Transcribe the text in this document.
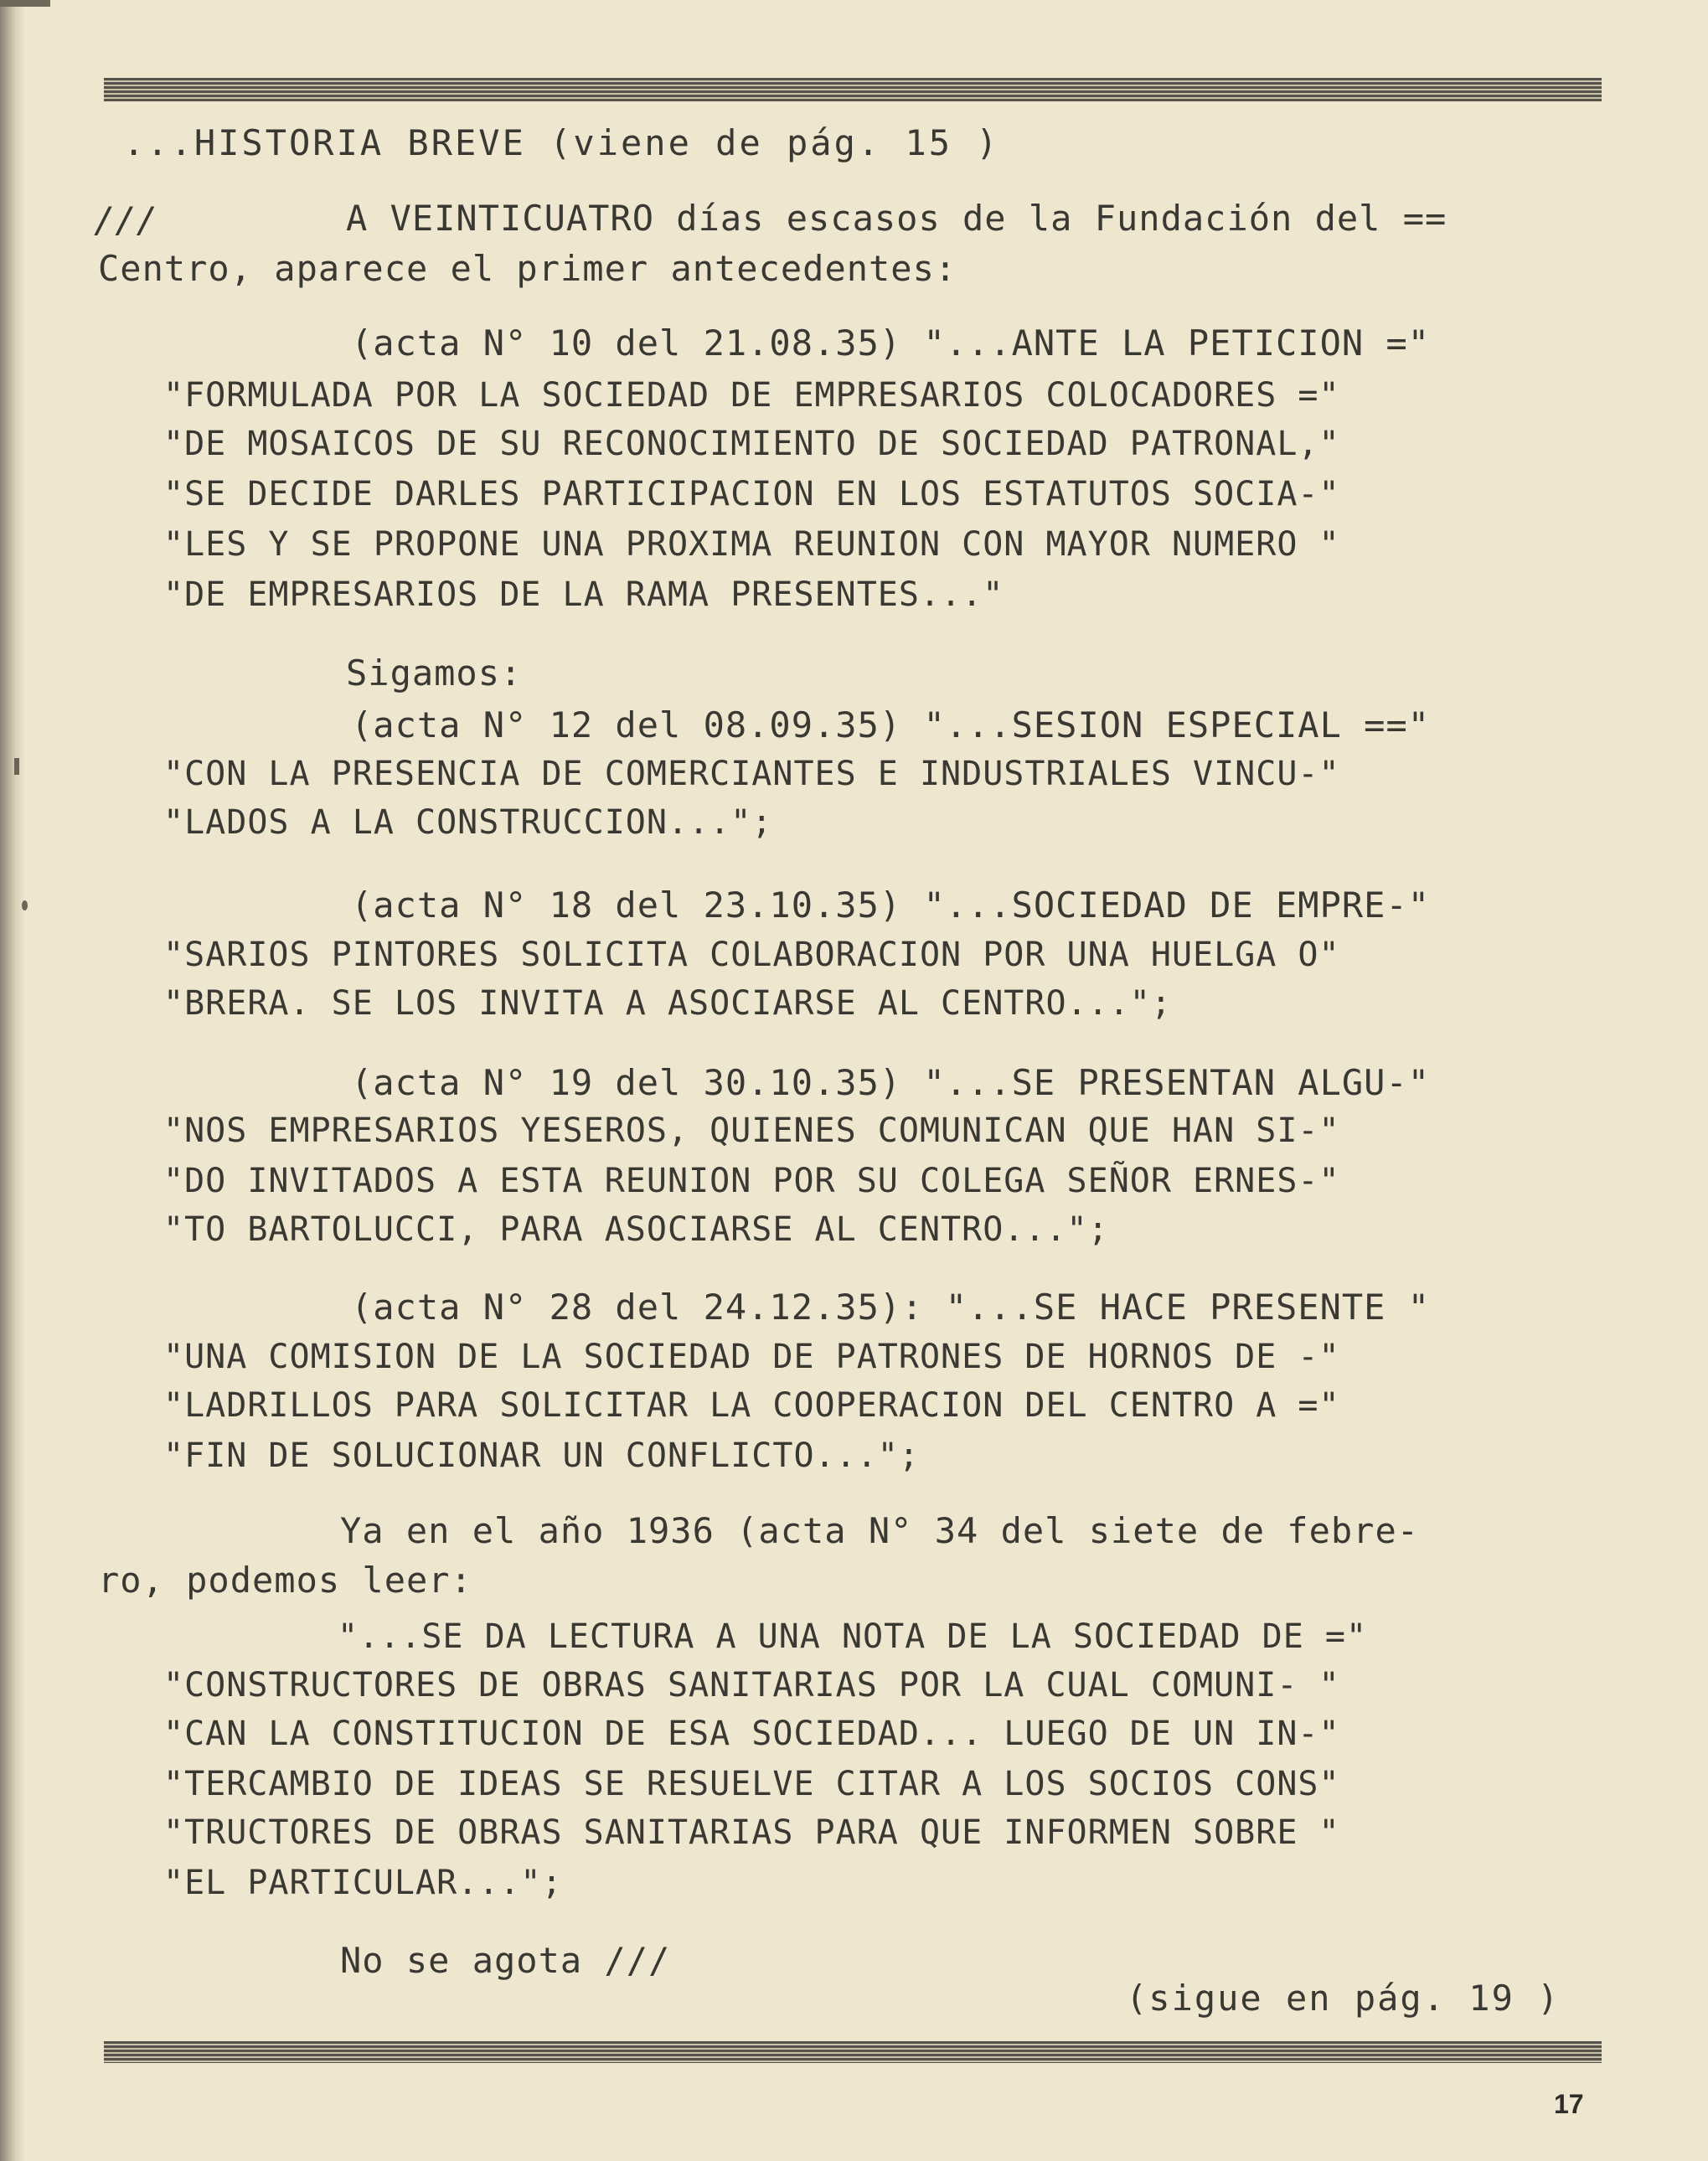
...HISTORIA BREVE (viene de pág. 15 )
///	A VEINTICUATRO días escasos de la Fundación del ==
Centro, aparece el primer antecedentes:
(acta N° 10 del 21.08.35) "...ANTE LA PETICION ="
"FORMULADA POR LA SOCIEDAD DE EMPRESARIOS COLOCADORES ="
"DE MOSAICOS DE SU RECONOCIMIENTO DE SOCIEDAD PATRONAL,"
"SE DECIDE DARLES PARTICIPACION EN LOS ESTATUTOS SOCIA-"
"LES Y SE PROPONE UNA PROXIMA REUNION CON MAYOR NUMERO "
"DE EMPRESARIOS DE LA RAMA PRESENTES..."
Sigamos:
(acta N° 12 del 08.09.35) "...SESION ESPECIAL =="
"CON LA PRESENCIA DE COMERCIANTES E INDUSTRIALES VINCU-"
"LADOS A LA CONSTRUCCION...";
(acta N° 18 del 23.10.35) "...SOCIEDAD DE EMPRE-"
"SARIOS PINTORES SOLICITA COLABORACION POR UNA HUELGA O"
"BRERA. SE LOS INVITA A ASOCIARSE AL CENTRO...";
(acta N° 19 del 30.10.35) "...SE PRESENTAN ALGU-"
"NOS EMPRESARIOS YESEROS, QUIENES COMUNICAN QUE HAN SI-"
"DO INVITADOS A ESTA REUNION POR SU COLEGA SEÑOR ERNES-"
"TO BARTOLUCCI, PARA ASOCIARSE AL CENTRO...";
(acta N° 28 del 24.12.35): "...SE HACE PRESENTE "
"UNA COMISION DE LA SOCIEDAD DE PATRONES DE HORNOS DE -"
"LADRILLOS PARA SOLICITAR LA COOPERACION DEL CENTRO A ="
"FIN DE SOLUCIONAR UN CONFLICTO...";
Ya en el año 1936 (acta N° 34 del siete de febre-
ro, podemos leer:
"...SE DA LECTURA A UNA NOTA DE LA SOCIEDAD DE ="
"CONSTRUCTORES DE OBRAS SANITARIAS POR LA CUAL COMUNI- "
"CAN LA CONSTITUCION DE ESA SOCIEDAD... LUEGO DE UN IN-"
"TERCAMBIO DE IDEAS SE RESUELVE CITAR A LOS SOCIOS CONS"
"TRUCTORES DE OBRAS SANITARIAS PARA QUE INFORMEN SOBRE "
"EL PARTICULAR...";
No se agota ///
(sigue en pág. 19 )
17
